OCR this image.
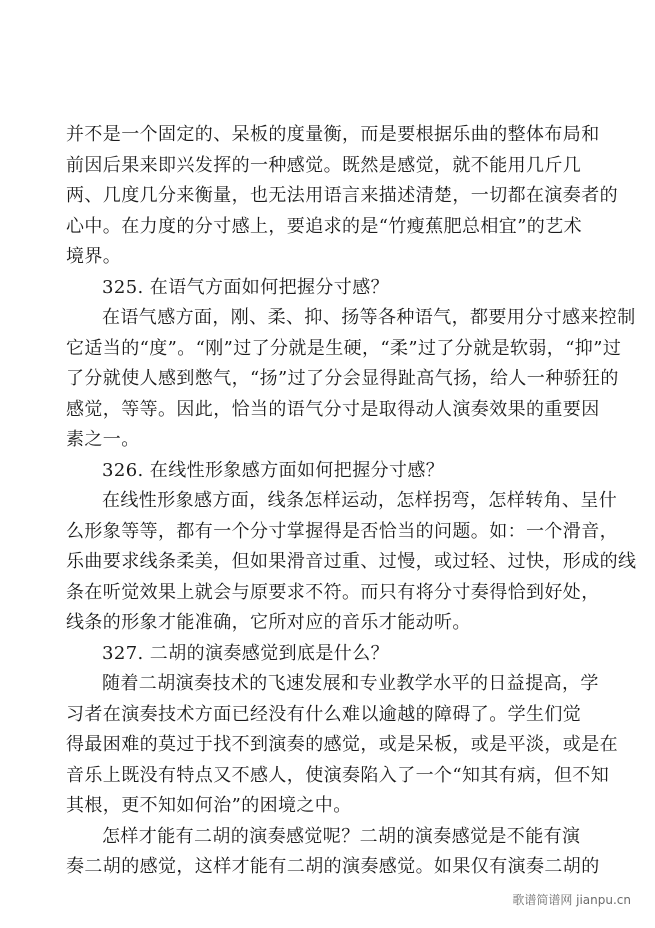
并不是一个固定的、呆板的度量衡，而是要根据乐曲的整体布局和
前因后果来即兴发挥的一种感觉。既然是感觉，就不能用几斤几
两、几度几分来衡量，也无法用语言来描述清楚，一切都在演奏者的
心中。在力度的分寸感上，要追求的是“竹瘦蕉肥总相宜”的艺术
境界。
325. 在语气方面如何把握分寸感？
在语气感方面，刚、柔、抑、扬等各种语气，都要用分寸感来控制
它适当的“度”。“刚”过了分就是生硬，“柔”过了分就是软弱，“抑”过
了分就使人感到憋气，“扬”过了分会显得趾高气扬，给人一种骄狂的
感觉，等等。因此，恰当的语气分寸是取得动人演奏效果的重要因
素之一。
326. 在线性形象感方面如何把握分寸感？
在线性形象感方面，线条怎样运动，怎样拐弯，怎样转角、呈什
么形象等等，都有一个分寸掌握得是否恰当的问题。如：一个滑音，
乐曲要求线条柔美，但如果滑音过重、过慢，或过轻、过快，形成的线
条在听觉效果上就会与原要求不符。而只有将分寸奏得恰到好处，
线条的形象才能准确，它所对应的音乐才能动听。
327. 二胡的演奏感觉到底是什么？
随着二胡演奏技术的飞速发展和专业教学水平的日益提高，学
习者在演奏技术方面已经没有什么难以逾越的障碍了。学生们觉
得最困难的莫过于找不到演奏的感觉，或是呆板，或是平淡，或是在
音乐上既没有特点又不感人，使演奏陷入了一个“知其有病，但不知
其根，更不知如何治”的困境之中。
怎样才能有二胡的演奏感觉呢？二胡的演奏感觉是不能有演
奏二胡的感觉，这样才能有二胡的演奏感觉。如果仅有演奏二胡的
歌谱简谱网 jianpu.cn
